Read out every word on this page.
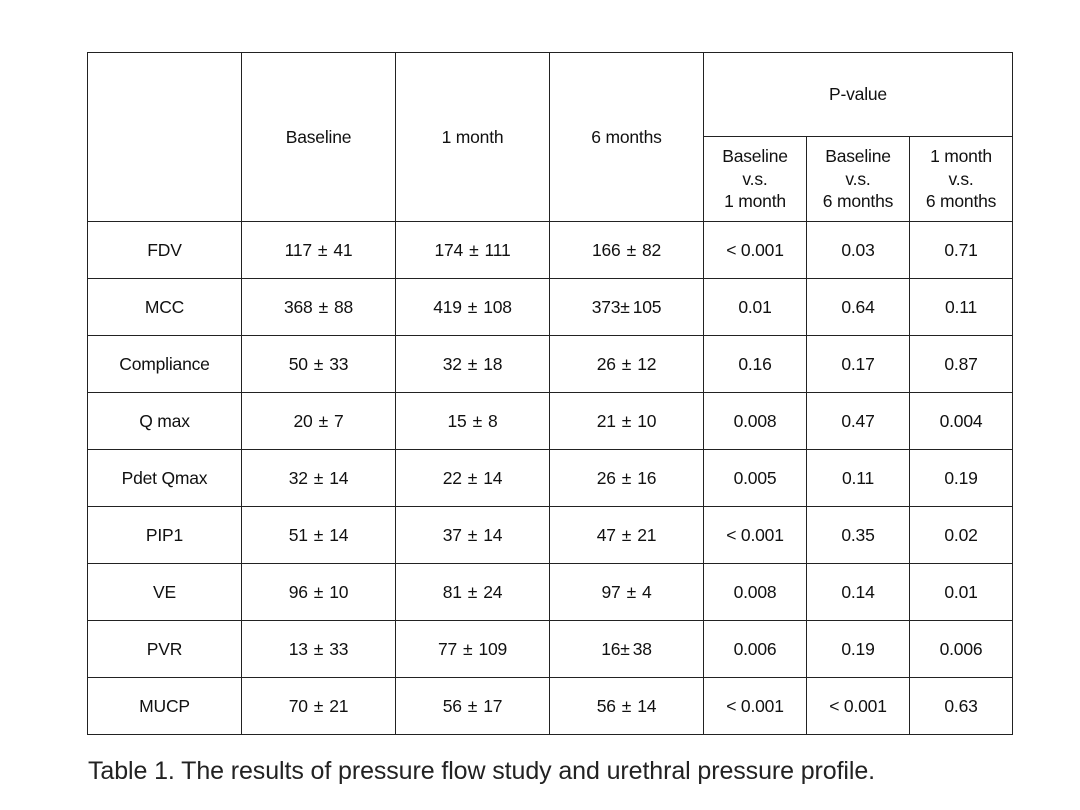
	Baseline	1 month	6 months	P-value		

				Baseline
v.s.
1 month	Baseline
v.s.
6 months	1 month
v.s.
6 months

FDV	117 ± 41	174 ± 111	166 ± 82	< 0.001	0.03	0.71
MCC	368 ± 88	419 ± 108	373± 105	0.01	0.64	0.11
Compliance	50 ± 33	32 ± 18	26 ± 12	0.16	0.17	0.87
Q max	20 ± 7	15 ± 8	21 ± 10	0.008	0.47	0.004
Pdet Qmax	32 ± 14	22 ± 14	26 ± 16	0.005	0.11	0.19
PIP1	51 ± 14	37 ± 14	47 ± 21	< 0.001	0.35	0.02
VE	96 ± 10	81 ± 24	97 ± 4	0.008	0.14	0.01
PVR	13 ± 33	77 ± 109	16± 38	0.006	0.19	0.006
MUCP	70 ± 21	56 ± 17	56 ± 14	< 0.001	< 0.001	0.63
Table 1. The results of pressure flow study and urethral pressure profile.
